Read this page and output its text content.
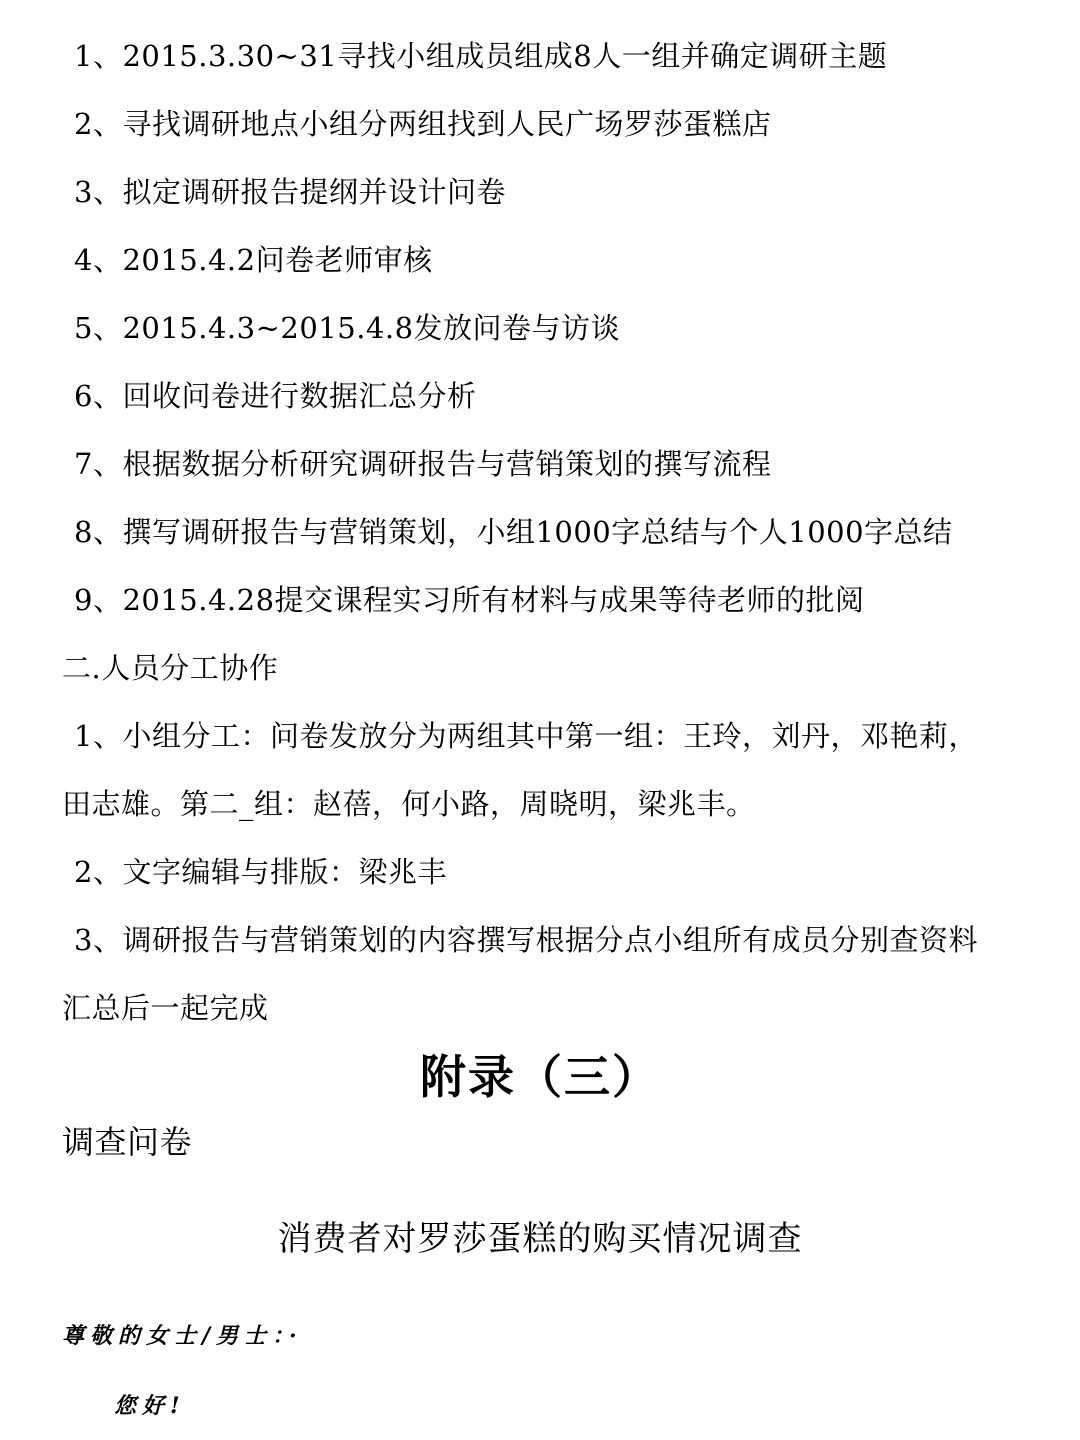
1、2015.3.30~31寻找小组成员组成8人一组并确定调研主题
2、寻找调研地点小组分两组找到人民广场罗莎蛋糕店
3、拟定调研报告提纲并设计问卷
4、2015.4.2问卷老师审核
5、2015.4.3~2015.4.8发放问卷与访谈
6、回收问卷进行数据汇总分析
7、根据数据分析研究调研报告与营销策划的撰写流程
8、撰写调研报告与营销策划，小组1000字总结与个人1000字总结
9、2015.4.28提交课程实习所有材料与成果等待老师的批阅
二.人员分工协作
1、小组分工：问卷发放分为两组其中第一组：王玲，刘丹，邓艳莉，
田志雄。第二_组：赵蓓，何小路，周晓明，梁兆丰。
2、文字编辑与排版：梁兆丰
3、调研报告与营销策划的内容撰写根据分点小组所有成员分别查资料
汇总后一起完成
附录（三）
调查问卷
消费者对罗莎蛋糕的购买情况调查
尊敬的女士/男士：·
您好!
